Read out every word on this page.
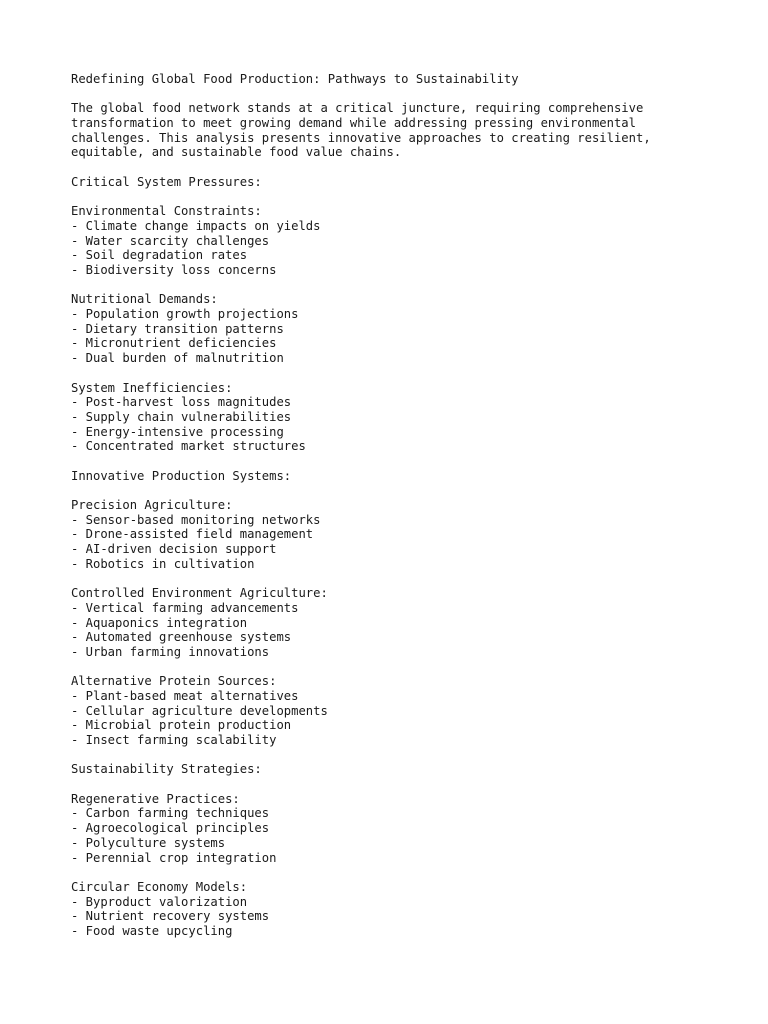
Redefining Global Food Production: Pathways to Sustainability
The global food network stands at a critical juncture, requiring comprehensive
transformation to meet growing demand while addressing pressing environmental
challenges. This analysis presents innovative approaches to creating resilient,
equitable, and sustainable food value chains.
Critical System Pressures:
Environmental Constraints:
- Climate change impacts on yields
- Water scarcity challenges
- Soil degradation rates
- Biodiversity loss concerns
Nutritional Demands:
- Population growth projections
- Dietary transition patterns
- Micronutrient deficiencies
- Dual burden of malnutrition
System Inefficiencies:
- Post-harvest loss magnitudes
- Supply chain vulnerabilities
- Energy-intensive processing
- Concentrated market structures
Innovative Production Systems:
Precision Agriculture:
- Sensor-based monitoring networks
- Drone-assisted field management
- AI-driven decision support
- Robotics in cultivation
Controlled Environment Agriculture:
- Vertical farming advancements
- Aquaponics integration
- Automated greenhouse systems
- Urban farming innovations
Alternative Protein Sources:
- Plant-based meat alternatives
- Cellular agriculture developments
- Microbial protein production
- Insect farming scalability
Sustainability Strategies:
Regenerative Practices:
- Carbon farming techniques
- Agroecological principles
- Polyculture systems
- Perennial crop integration
Circular Economy Models:
- Byproduct valorization
- Nutrient recovery systems
- Food waste upcycling
